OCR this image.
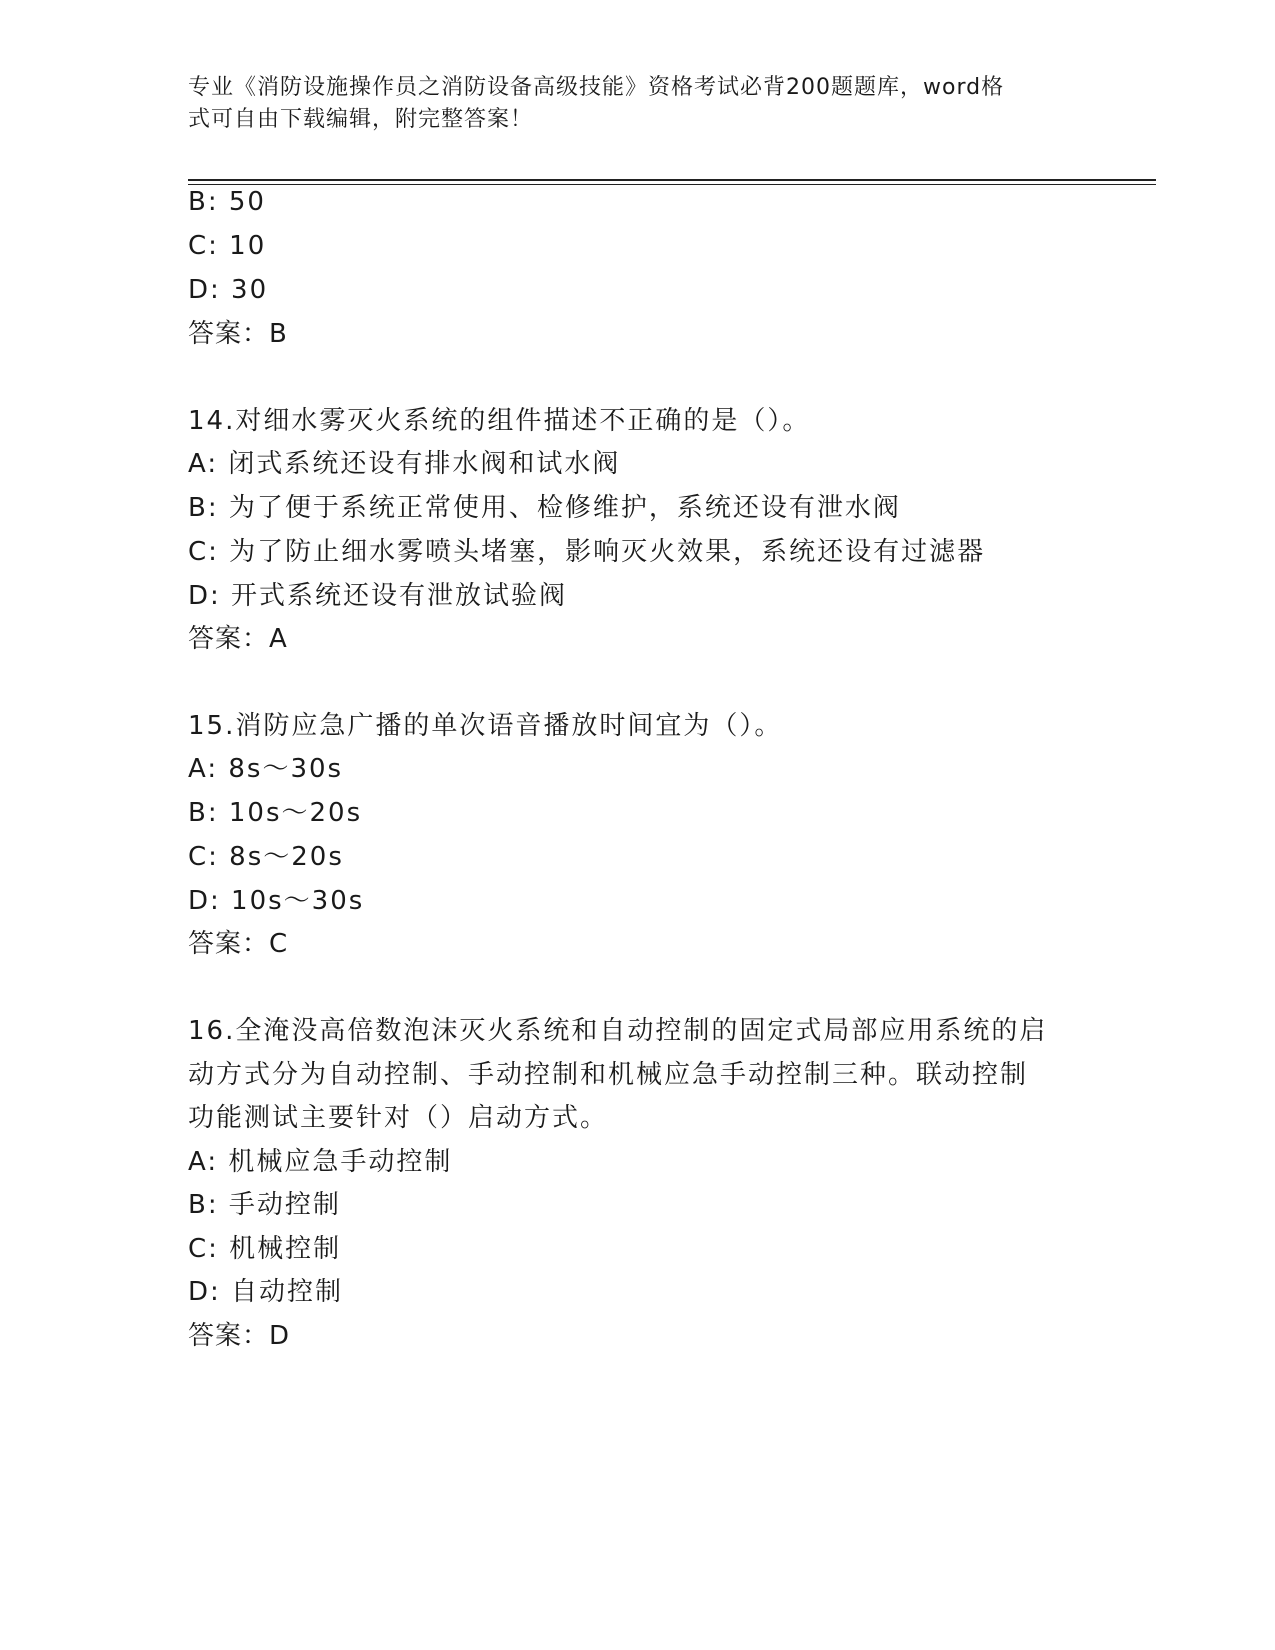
专业《消防设施操作员之消防设备高级技能》资格考试必背200题题库，word格
式可自由下载编辑，附完整答案！
B: 50
C: 10
D: 30
答案：B
14.对细水雾灭火系统的组件描述不正确的是（）。
A: 闭式系统还设有排水阀和试水阀
B: 为了便于系统正常使用、检修维护，系统还设有泄水阀
C: 为了防止细水雾喷头堵塞，影响灭火效果，系统还设有过滤器
D: 开式系统还设有泄放试验阀
答案：A
15.消防应急广播的单次语音播放时间宜为（）。
A: 8s～30s
B: 10s～20s
C: 8s～20s
D: 10s～30s
答案：C
16.全淹没高倍数泡沫灭火系统和自动控制的固定式局部应用系统的启
动方式分为自动控制、手动控制和机械应急手动控制三种。联动控制
功能测试主要针对（）启动方式。
A: 机械应急手动控制
B: 手动控制
C: 机械控制
D: 自动控制
答案：D
